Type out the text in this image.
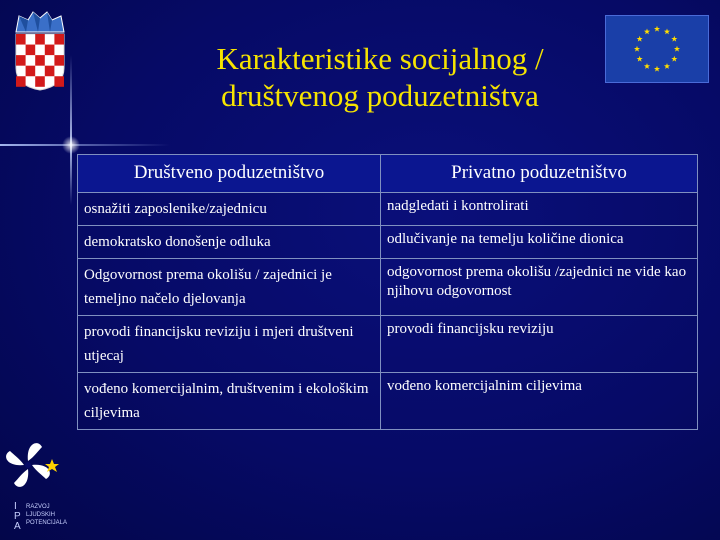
Karakteristike socijalnog /
društvenog poduzetništva
Društveno poduzetništvo	Privatno poduzetništvo
osnažiti zaposlenike/zajednicu	nadgledati i kontrolirati
demokratsko donošenje odluka	odlučivanje na temelju količine dionica
Odgovornost prema okolišu / zajednici je temeljno načelo djelovanja	odgovornost prema okolišu /zajednici ne vide kao njihovu odgovornost
provodi financijsku reviziju i mjeri društveni utjecaj	provodi financijsku reviziju
vođeno komercijalnim, društvenim i ekološkim ciljevima	vođeno komercijalnim ciljevima
I
P
A
RAZVOJ
LJUDSKIH
POTENCIJALA
